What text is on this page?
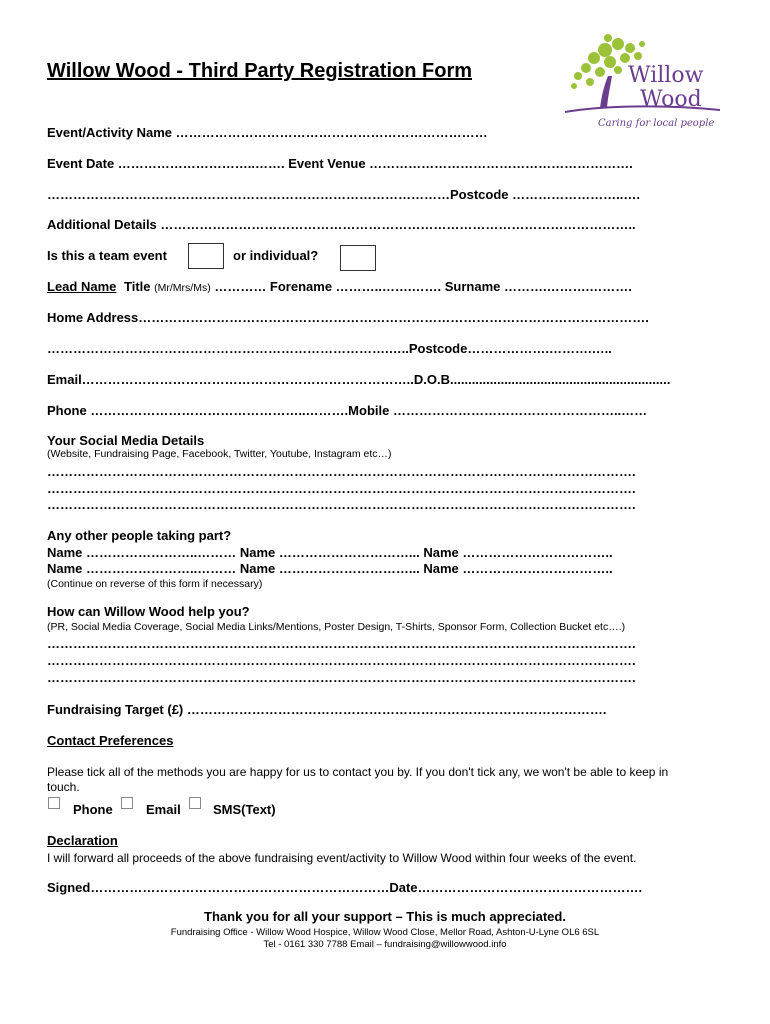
Willow Wood - Third Party Registration Form	Willow
Wood
Caring for local people
Event/Activity Name ………………………………………………………………
Event Date …………………………..……. Event Venue …………………………………………………….
…………………………………………………………………………………Postcode ……………………..….
Additional Details ………………………………………………………………………………………………..
Is this a team event	or individual?
Lead Name Title (Mr/Mrs/Ms) ………… Forename ………..…….……. Surname ……….……….……….
Home Address……………………………………………………………………………………………………….
…………………………………………………………………….…..Postcode……………….……….…..
Email…………………………………………………………………..D.O.B.............................................................
Phone …………………………………………..……….Mobile ……………………………………………..……
Your Social Media Details
(Website, Fundraising Page, Facebook, Twitter, Youtube, Instagram etc…)
……………………………………………………………………………………………………………………….
……………………………………………………………………………………………………………………….
……………………………………………………………………………………………………………………….
Any other people taking part?
Name ……………………..……… Name …………………………... Name ……………………………..
Name ……………………..……… Name …………………………... Name ……………………………..
(Continue on reverse of this form if necessary)
How can Willow Wood help you?
(PR, Social Media Coverage, Social Media Links/Mentions, Poster Design, T-Shirts, Sponsor Form, Collection Bucket etc….)
……………………………………………………………………………………………………………………….
……………………………………………………………………………………………………………………….
……………………………………………………………………………………………………………………….
Fundraising Target (£) …………………………………………………………………………………….
Contact Preferences
Please tick all of the methods you are happy for us to contact you by. If you don't tick any, we won't be able to keep in
touch.
Phone	Email SMS(Text)
Declaration
I will forward all proceeds of the above fundraising event/activity to Willow Wood within four weeks of the event.
Signed……………………………………………………………Date…………………………………………….
Thank you for all your support – This is much appreciated.
Fundraising Office - Willow Wood Hospice, Willow Wood Close, Mellor Road, Ashton-U-Lyne OL6 6SL
Tel - 0161 330 7788 Email – fundraising@willowwood.info
